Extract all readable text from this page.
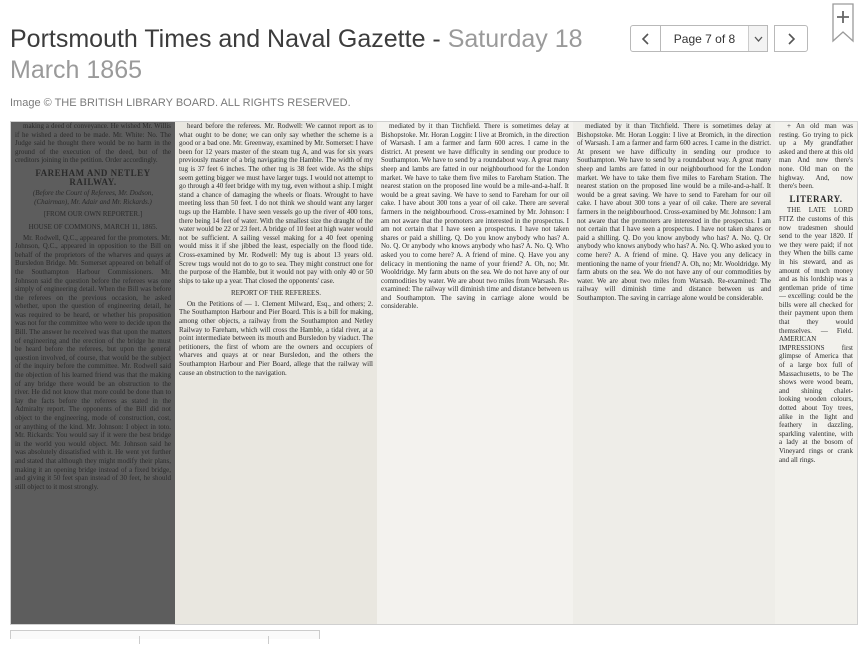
Portsmouth Times and Naval Gazette - Saturday 18 March 1865
Image © THE BRITISH LIBRARY BOARD. ALL RIGHTS RESERVED.
Page 7 of 8

making a deed of conveyance. He wished Mr. Willis if he wished a deed to be made. Mr. White: No. The Judge said he thought there would be no harm in the ground of the execution of the deed, but of the creditors joining in the petition. Order accordingly.

FAREHAM AND NETLEY RAILWAY.
(Before the Court of Referees, Mr. Dodson, (Chairman), Mr. Adair and Mr. Rickards.)
[FROM OUR OWN REPORTER.]
HOUSE OF COMMONS, MARCH 11, 1865.

Mr. Rodwell, Q.C., appeared for the promoters. Mr. Johnson, Q.C., appeared in opposition to the Bill on behalf of the proprietors of the wharves and quays at Bursledon Bridge. Mr. Somerset appeared on behalf of the Southampton Harbour Commissioners. Mr. Johnson said the question before the referees was one simply of engineering detail. When the Bill was before the referees on the previous occasion, he asked whether, upon the question of engineering detail, he was required to be heard, or whether his proposition was not for the committee who were to decide upon the Bill. The answer he received was that upon the matters of engineering and the erection of the bridge he must be heard before the referees, but upon the general question involved, of course, that would be the subject of the inquiry before the committee. Mr. Rodwell said the objection of his learned friend was that the making of any bridge there would be an obstruction to the river. He did not know that more could be done than to lay the facts before the referees as stated in the Admiralty report. The opponents of the Bill did not object to the engineering, mode of construction, cost, or anything of the kind. Mr. Johnson: I object in toto. Mr. Rickards: You would say if it were the best bridge in the world you would object. Mr. Johnson said he was absolutely dissatisfied with it. He went yet further and stated that although they might modify their plans, making it an opening bridge instead of a fixed bridge, and giving it 50 feet span instead of 30 feet, he should still object to it most strongly.

heard before the referees. Mr. Rodwell: We cannot report as to what ought to be done; we can only say whether the scheme is a good or a bad one. Mr. Greenway, examined by Mr. Somerset: I have been for 12 years master of the steam tug A, and was for six years previously master of a brig navigating the Hamble. The width of my tug is 37 feet 6 inches. The other tug is 38 feet wide. As the ships seem getting bigger we must have larger tugs. I would not attempt to go through a 40 feet bridge with my tug, even without a ship. I might stand a chance of damaging the wheels or floats. Wrought to have meeting less than 50 feet. I do not think we should want any larger tugs up the Hamble. I have seen vessels go up the river of 400 tons, there being 14 feet of water. With the smallest size the draught of the water would be 22 or 23 feet. A bridge of 10 feet at high water would not be sufficient. A sailing vessel making for a 40 feet opening would miss it if she jibbed the least, especially on the flood tide. Cross-examined by Mr. Rodwell: My tug is about 13 years old. Screw tugs would not do to go to sea. They might construct one for the purpose of the Hamble, but it would not pay with only 40 or 50 ships to take up a year. That closed the opponents' case.

REPORT OF THE REFEREES.

On the Petitions of — 1. Clement Milward, Esq., and others; 2. The Southampton Harbour and Pier Board. This is a bill for making, among other objects, a railway from the Southampton and Netley Railway to Fareham, which will cross the Hamble, a tidal river, at a point intermediate between its mouth and Bursledon by viaduct. The petitioners, the first of whom are the owners and occupiers of wharves and quays at or near Bursledon, and the others the Southampton Harbour and Pier Board, allege that the railway will cause an obstruction to the navigation.

mediated by it than Titchfield. There is sometimes delay at Bishopstoke. Mr. Horan Loggin: I live at Bromich, in the direction of Warsash. I am a farmer and farm 600 acres. I came in the district. At present we have difficulty in sending our produce to Southampton. We have to send by a roundabout way. A great many sheep and lambs are fatted in our neighbourhood for the London market. We have to take them five miles to Fareham Station. The nearest station on the proposed line would be a mile-and-a-half. It would be a great saving. We have to send to Fareham for our oil cake. I have about 300 tons a year of oil cake. There are several farmers in the neighbourhood. Cross-examined by Mr. Johnson: I am not aware that the promoters are interested in the prospectus. I am not certain that I have seen a prospectus. I have not taken shares or paid a shilling. Q. Do you know anybody who has? A. No. Q. Or anybody who knows anybody who has? A. No. Q. Who asked you to come here? A. A friend of mine. Q. Have you any delicacy in mentioning the name of your friend? A. Oh, no; Mr. Wooldridge. My farm abuts on the sea. We do not have any of our commodities by water. We are about two miles from Warsash. Re-examined: The railway will diminish time and distance between us and Southampton. The saving in carriage alone would be considerable.

mediated by it than Titchfield. There is sometimes delay at Bishopstoke. Mr. Horan Loggin: I live at Bromich, in the direction of Warsash. I am a farmer and farm 600 acres. I came in the district. At present we have difficulty in sending our produce to Southampton. We have to send by a roundabout way. A great many sheep and lambs are fatted in our neighbourhood for the London market. We have to take them five miles to Fareham Station. The nearest station on the proposed line would be a mile-and-a-half. It would be a great saving. We have to send to Fareham for our oil cake. I have about 300 tons a year of oil cake. There are several farmers in the neighbourhood. Cross-examined by Mr. Johnson: I am not aware that the promoters are interested in the prospectus. I am not certain that I have seen a prospectus. I have not taken shares or paid a shilling. Q. Do you know anybody who has? A. No. Q. Or anybody who knows anybody who has? A. No. Q. Who asked you to come here? A. A friend of mine. Q. Have you any delicacy in mentioning the name of your friend? A. Oh, no; Mr. Wooldridge. My farm abuts on the sea. We do not have any of our commodities by water. We are about two miles from Warsash. Re-examined: The railway will diminish time and distance between us and Southampton. The saving in carriage alone would be considerable.

+ An old man was resting. Go trying to pick up a My grandfather asked and there at this old man And now there's none. Old man on the highway. And, now there's been.

LITERARY.

THE LATE LORD FITZ the customs of this now tradesmen should send to the year 1820. If we they were paid; if not they When the bills came in his steward, and as amount of much money and as his lordship was a gentleman pride of time — excelling: could be the bills were all checked for their payment upon them that they would themselves. — Field. AMERICAN IMPRESSIONS first glimpse of America that of a large box full of Massachusetts, to be The shows were wood beam, and shining chalet-looking wooden colours, dotted about Toy trees, alike in the light and feathery in dazzling, sparkling valentine, with a lady at the bosom of Vineyard rings or crank and all rings.
